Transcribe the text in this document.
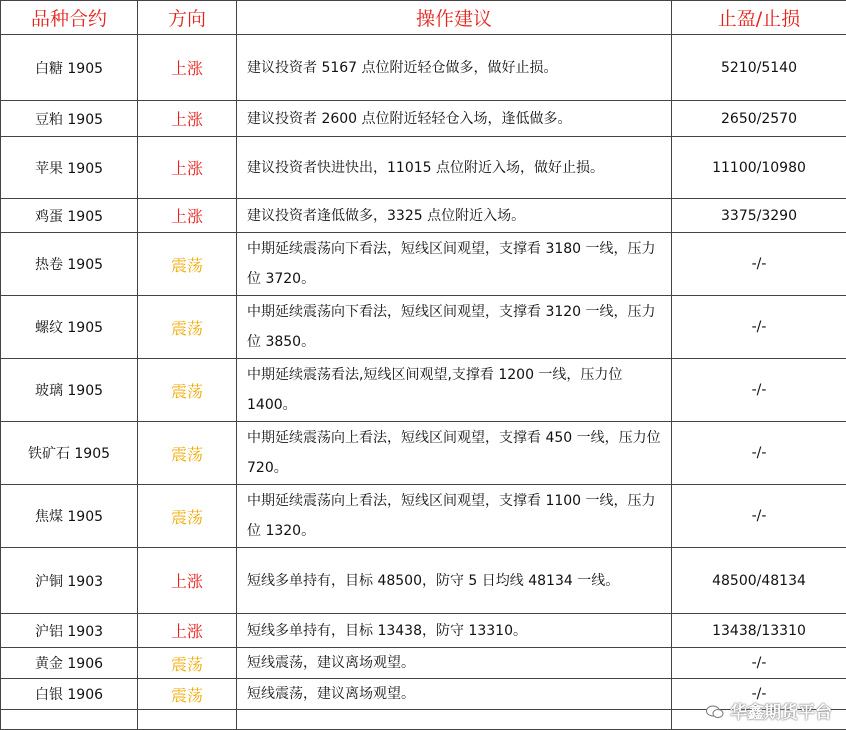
品种合约	方向	操作建议	止盈/止损
白糖 1905	上涨	建议投资者 5167 点位附近轻仓做多，做好止损。	5210/5140
豆粕 1905	上涨	建议投资者 2600 点位附近轻轻仓入场，逢低做多。	2650/2570
苹果 1905	上涨	建议投资者快进快出，11015 点位附近入场，做好止损。	11100/10980
鸡蛋 1905	上涨	建议投资者逢低做多，3325 点位附近入场。	3375/3290
热卷 1905	震荡	中期延续震荡向下看法，短线区间观望，支撑看 3180 一线，压力位 3720。	-/-
螺纹 1905	震荡	中期延续震荡向下看法，短线区间观望，支撑看 3120 一线，压力位 3850。	-/-
玻璃 1905	震荡	中期延续震荡看法,短线区间观望,支撑看 1200 一线，压力位 1400。	-/-
铁矿石 1905	震荡	中期延续震荡向上看法，短线区间观望，支撑看 450 一线，压力位 720。	-/-
焦煤 1905	震荡	中期延续震荡向上看法，短线区间观望，支撑看 1100 一线，压力位 1320。	-/-
沪铜 1903	上涨	短线多单持有，目标 48500，防守 5 日均线 48134 一线。	48500/48134
沪铝 1903	上涨	短线多单持有，目标 13438，防守 13310。	13438/13310
黄金 1906	震荡	短线震荡，建议离场观望。	-/-
白银 1906	震荡	短线震荡，建议离场观望。	-/-

华鑫期货平台
